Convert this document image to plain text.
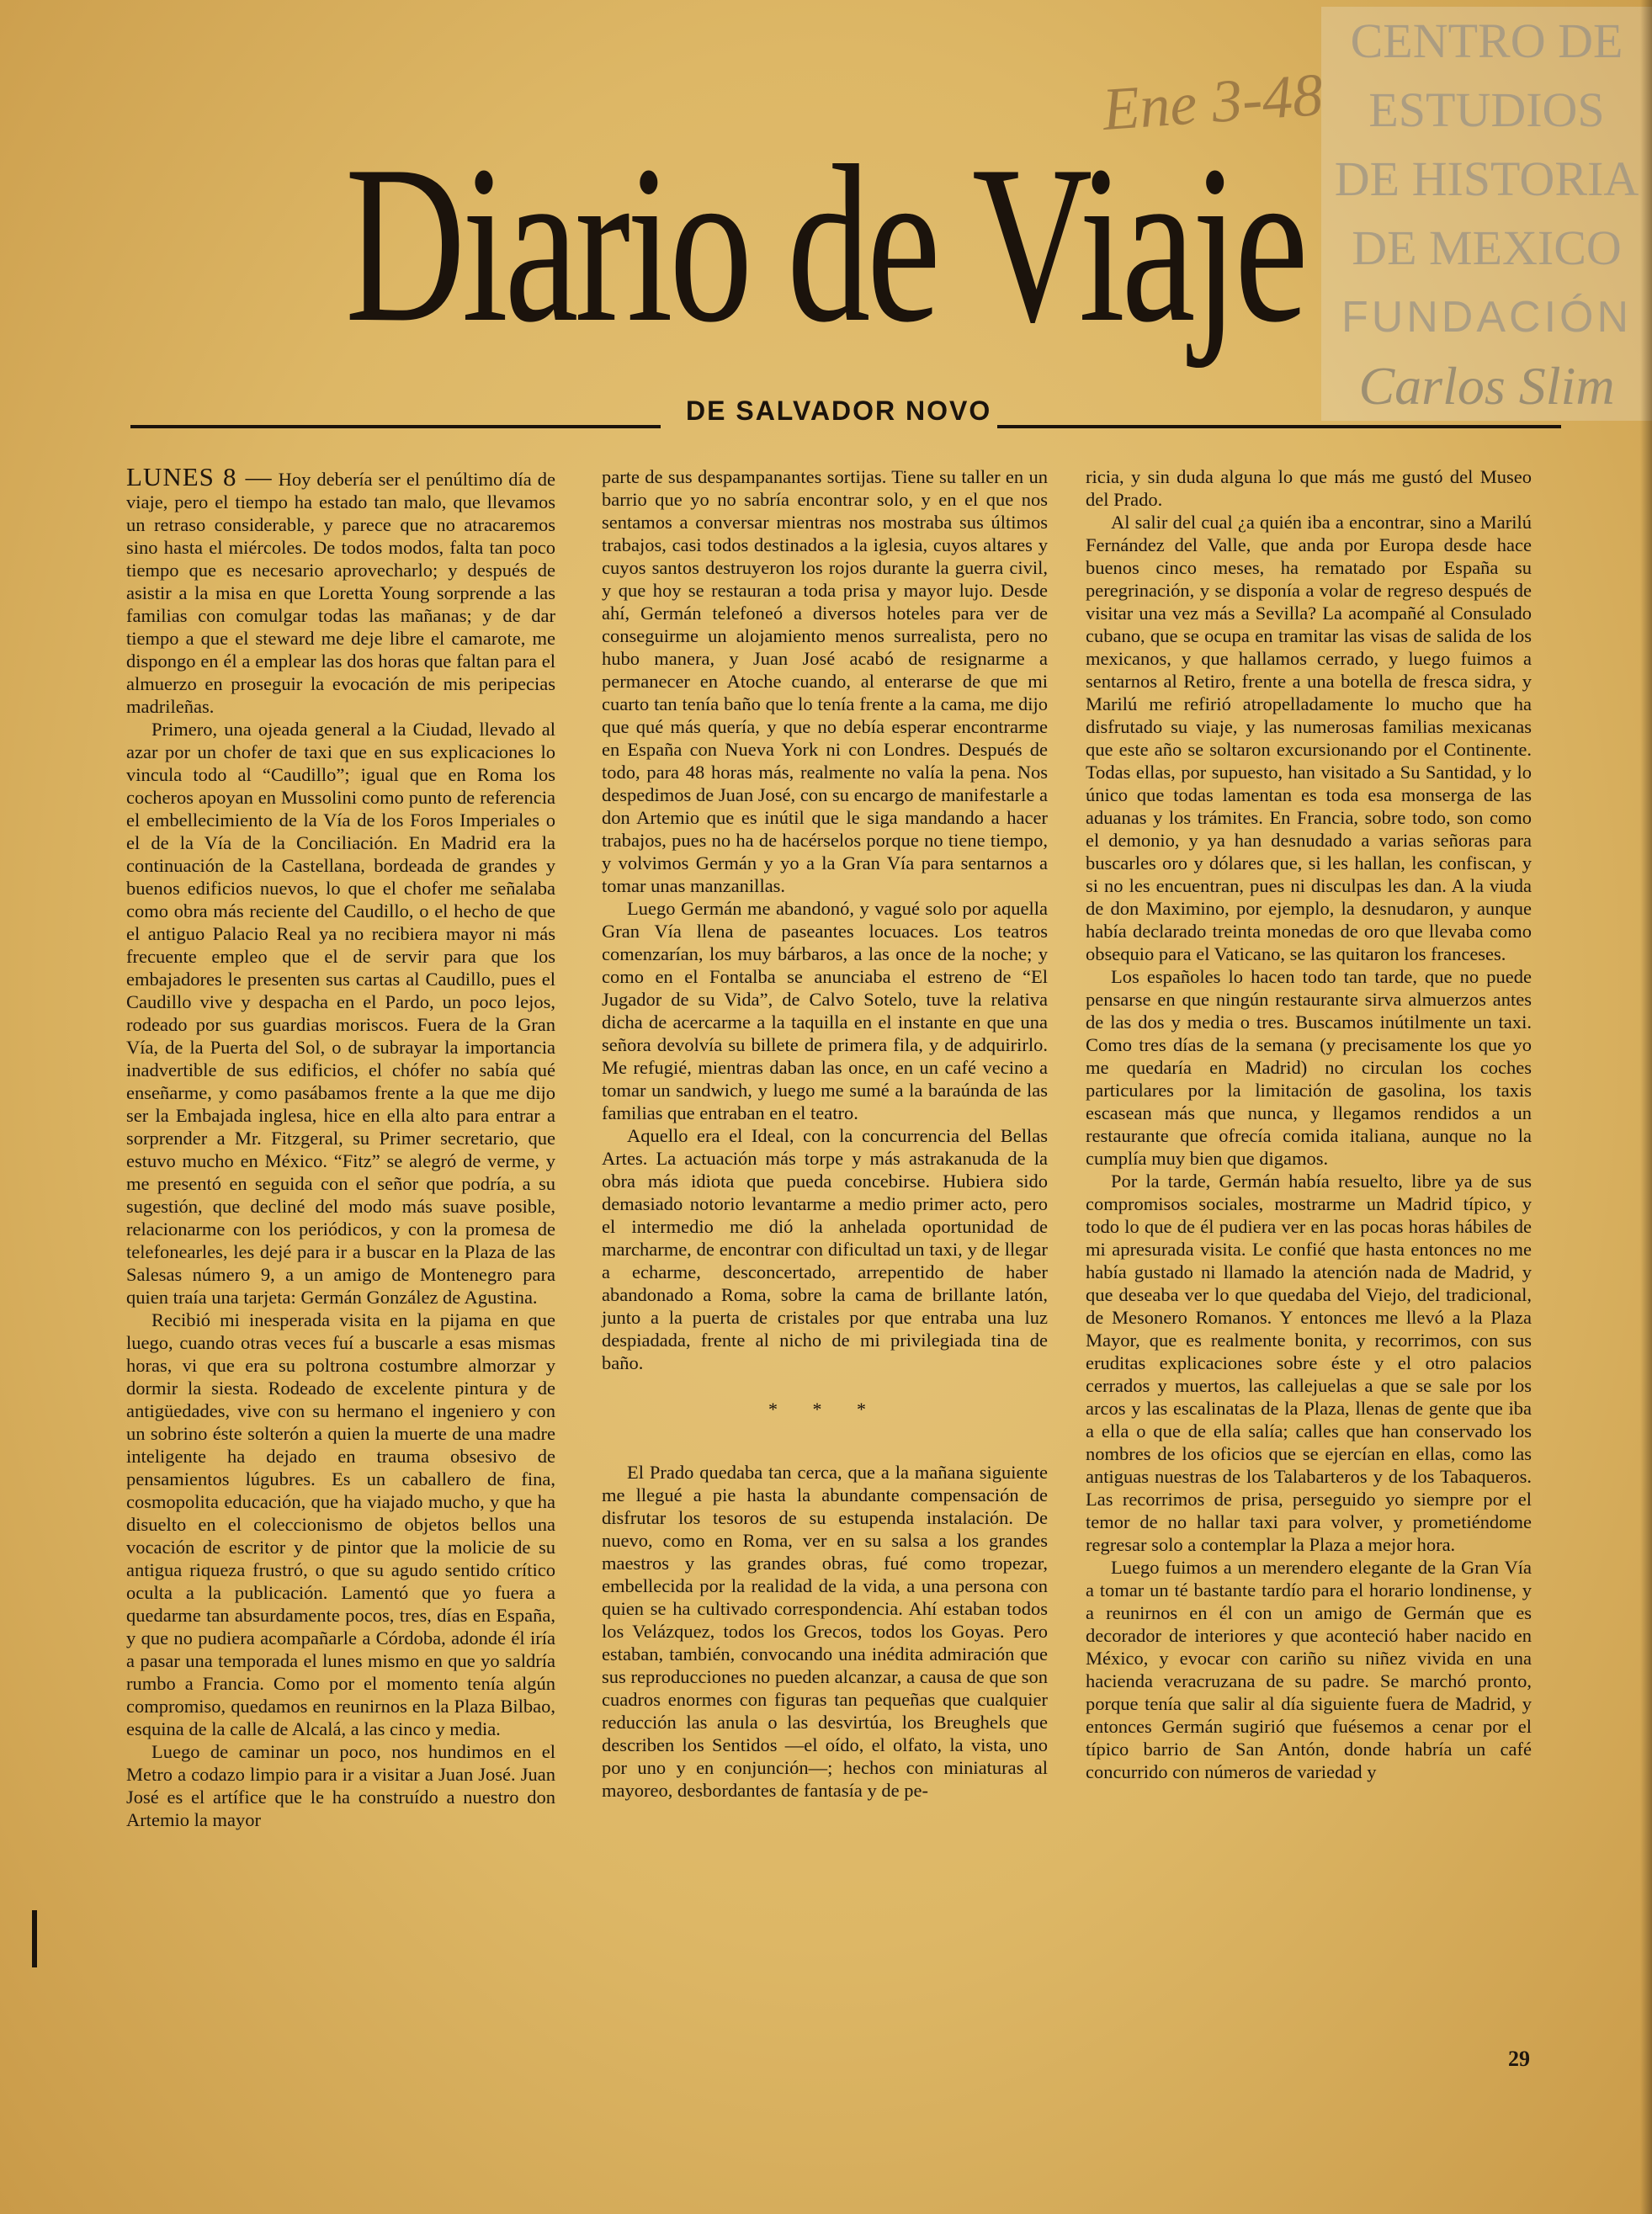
CENTRO DE
ESTUDIOS
DE HISTORIA
DE MEXICO
FUNDACIÓN
Carlos Slim
Ene 3-48
Diario de Viaje
DE SALVADOR NOVO

LUNES 8 — Hoy debería ser el penúltimo día de viaje, pero el tiempo ha estado tan malo, que llevamos un retraso considerable, y parece que no atracaremos sino hasta el miércoles. De todos modos, falta tan poco tiempo que es necesario aprovecharlo; y después de asistir a la misa en que Loretta Young sorprende a las familias con comulgar todas las mañanas; y de dar tiempo a que el steward me deje libre el camarote, me dispongo en él a emplear las dos horas que faltan para el almuerzo en proseguir la evocación de mis peripecias madrileñas.

Primero, una ojeada general a la Ciudad, llevado al azar por un chofer de taxi que en sus explicaciones lo vincula todo al “Caudillo”; igual que en Roma los cocheros apoyan en Mussolini como punto de referencia el embellecimiento de la Vía de los Foros Imperiales o el de la Vía de la Conciliación. En Madrid era la continuación de la Castellana, bordeada de grandes y buenos edificios nuevos, lo que el chofer me señalaba como obra más reciente del Caudillo, o el hecho de que el antiguo Palacio Real ya no recibiera mayor ni más frecuente empleo que el de servir para que los embajadores le presenten sus cartas al Caudillo, pues el Caudillo vive y despacha en el Pardo, un poco lejos, rodeado por sus guardias moriscos. Fuera de la Gran Vía, de la Puerta del Sol, o de subrayar la importancia inadvertible de sus edificios, el chófer no sabía qué enseñarme, y como pasábamos frente a la que me dijo ser la Embajada inglesa, hice en ella alto para entrar a sorprender a Mr. Fitzgeral, su Primer secretario, que estuvo mucho en México. “Fitz” se alegró de verme, y me presentó en seguida con el señor que podría, a su sugestión, que decliné del modo más suave posible, relacionarme con los periódicos, y con la promesa de telefonearles, les dejé para ir a buscar en la Plaza de las Salesas número 9, a un amigo de Montenegro para quien traía una tarjeta: Germán González de Agustina.

Recibió mi inesperada visita en la pijama en que luego, cuando otras veces fuí a buscarle a esas mismas horas, vi que era su poltrona costumbre almorzar y dormir la siesta. Rodeado de excelente pintura y de antigüedades, vive con su hermano el ingeniero y con un sobrino éste solterón a quien la muerte de una madre inteligente ha dejado en trauma obsesivo de pensamientos lúgubres. Es un caballero de fina, cosmopolita educación, que ha viajado mucho, y que ha disuelto en el coleccionismo de objetos bellos una vocación de escritor y de pintor que la molicie de su antigua riqueza frustró, o que su agudo sentido crítico oculta a la publicación. Lamentó que yo fuera a quedarme tan absurdamente pocos, tres, días en España, y que no pudiera acompañarle a Córdoba, adonde él iría a pasar una temporada el lunes mismo en que yo saldría rumbo a Francia. Como por el momento tenía algún compromiso, quedamos en reunirnos en la Plaza Bilbao, esquina de la calle de Alcalá, a las cinco y media.

Luego de caminar un poco, nos hundimos en el Metro a codazo limpio para ir a visitar a Juan José. Juan José es el artífice que le ha construído a nuestro don Artemio la mayor

parte de sus despampanantes sortijas. Tiene su taller en un barrio que yo no sabría encontrar solo, y en el que nos sentamos a conversar mientras nos mostraba sus últimos trabajos, casi todos destinados a la iglesia, cuyos altares y cuyos santos destruyeron los rojos durante la guerra civil, y que hoy se restauran a toda prisa y mayor lujo. Desde ahí, Germán telefoneó a diversos hoteles para ver de conseguirme un alojamiento menos surrealista, pero no hubo manera, y Juan José acabó de resignarme a permanecer en Atoche cuando, al enterarse de que mi cuarto tan tenía baño que lo tenía frente a la cama, me dijo que qué más quería, y que no debía esperar encontrarme en España con Nueva York ni con Londres. Después de todo, para 48 horas más, realmente no valía la pena. Nos despedimos de Juan José, con su encargo de manifestarle a don Artemio que es inútil que le siga mandando a hacer trabajos, pues no ha de hacérselos porque no tiene tiempo, y volvimos Germán y yo a la Gran Vía para sentarnos a tomar unas manzanillas.

Luego Germán me abandonó, y vagué solo por aquella Gran Vía llena de paseantes locuaces. Los teatros comenzarían, los muy bárbaros, a las once de la noche; y como en el Fontalba se anunciaba el estreno de “El Jugador de su Vida”, de Calvo Sotelo, tuve la relativa dicha de acercarme a la taquilla en el instante en que una señora devolvía su billete de primera fila, y de adquirirlo. Me refugié, mientras daban las once, en un café vecino a tomar un sandwich, y luego me sumé a la baraúnda de las familias que entraban en el teatro.

Aquello era el Ideal, con la concurrencia del Bellas Artes. La actuación más torpe y más astrakanuda de la obra más idiota que pueda concebirse. Hubiera sido demasiado notorio levantarme a medio primer acto, pero el intermedio me dió la anhelada oportunidad de marcharme, de encontrar con dificultad un taxi, y de llegar a echarme, desconcertado, arrepentido de haber abandonado a Roma, sobre la cama de brillante latón, junto a la puerta de cristales por que entraba una luz despiadada, frente al nicho de mi privilegiada tina de baño.

* * *

El Prado quedaba tan cerca, que a la mañana siguiente me llegué a pie hasta la abundante compensación de disfrutar los tesoros de su estupenda instalación. De nuevo, como en Roma, ver en su salsa a los grandes maestros y las grandes obras, fué como tropezar, embellecida por la realidad de la vida, a una persona con quien se ha cultivado correspondencia. Ahí estaban todos los Velázquez, todos los Grecos, todos los Goyas. Pero estaban, también, convocando una inédita admiración que sus reproducciones no pueden alcanzar, a causa de que son cuadros enormes con figuras tan pequeñas que cualquier reducción las anula o las desvirtúa, los Breughels que describen los Sentidos —el oído, el olfato, la vista, uno por uno y en conjunción—; hechos con miniaturas al mayoreo, desbordantes de fantasía y de pe-

ricia, y sin duda alguna lo que más me gustó del Museo del Prado.

Al salir del cual ¿a quién iba a encontrar, sino a Marilú Fernández del Valle, que anda por Europa desde hace buenos cinco meses, ha rematado por España su peregrinación, y se disponía a volar de regreso después de visitar una vez más a Sevilla? La acompañé al Consulado cubano, que se ocupa en tramitar las visas de salida de los mexicanos, y que hallamos cerrado, y luego fuimos a sentarnos al Retiro, frente a una botella de fresca sidra, y Marilú me refirió atropelladamente lo mucho que ha disfrutado su viaje, y las numerosas familias mexicanas que este año se soltaron excursionando por el Continente. Todas ellas, por supuesto, han visitado a Su Santidad, y lo único que todas lamentan es toda esa monserga de las aduanas y los trámites. En Francia, sobre todo, son como el demonio, y ya han desnudado a varias señoras para buscarles oro y dólares que, si les hallan, les confiscan, y si no les encuentran, pues ni disculpas les dan. A la viuda de don Maximino, por ejemplo, la desnudaron, y aunque había declarado treinta monedas de oro que llevaba como obsequio para el Vaticano, se las quitaron los franceses.

Los españoles lo hacen todo tan tarde, que no puede pensarse en que ningún restaurante sirva almuerzos antes de las dos y media o tres. Buscamos inútilmente un taxi. Como tres días de la semana (y precisamente los que yo me quedaría en Madrid) no circulan los coches particulares por la limitación de gasolina, los taxis escasean más que nunca, y llegamos rendidos a un restaurante que ofrecía comida italiana, aunque no la cumplía muy bien que digamos.

Por la tarde, Germán había resuelto, libre ya de sus compromisos sociales, mostrarme un Madrid típico, y todo lo que de él pudiera ver en las pocas horas hábiles de mi apresurada visita. Le confié que hasta entonces no me había gustado ni llamado la atención nada de Madrid, y que deseaba ver lo que quedaba del Viejo, del tradicional, de Mesonero Romanos. Y entonces me llevó a la Plaza Mayor, que es realmente bonita, y recorrimos, con sus eruditas explicaciones sobre éste y el otro palacios cerrados y muertos, las callejuelas a que se sale por los arcos y las escalinatas de la Plaza, llenas de gente que iba a ella o que de ella salía; calles que han conservado los nombres de los oficios que se ejercían en ellas, como las antiguas nuestras de los Talabarteros y de los Tabaqueros. Las recorrimos de prisa, perseguido yo siempre por el temor de no hallar taxi para volver, y prometiéndome regresar solo a contemplar la Plaza a mejor hora.

Luego fuimos a un merendero elegante de la Gran Vía a tomar un té bastante tardío para el horario londinense, y a reunirnos en él con un amigo de Germán que es decorador de interiores y que aconteció haber nacido en México, y evocar con cariño su niñez vivida en una hacienda veracruzana de su padre. Se marchó pronto, porque tenía que salir al día siguiente fuera de Madrid, y entonces Germán sugirió que fuésemos a cenar por el típico barrio de San Antón, donde habría un café concurrido con números de variedad y

29
